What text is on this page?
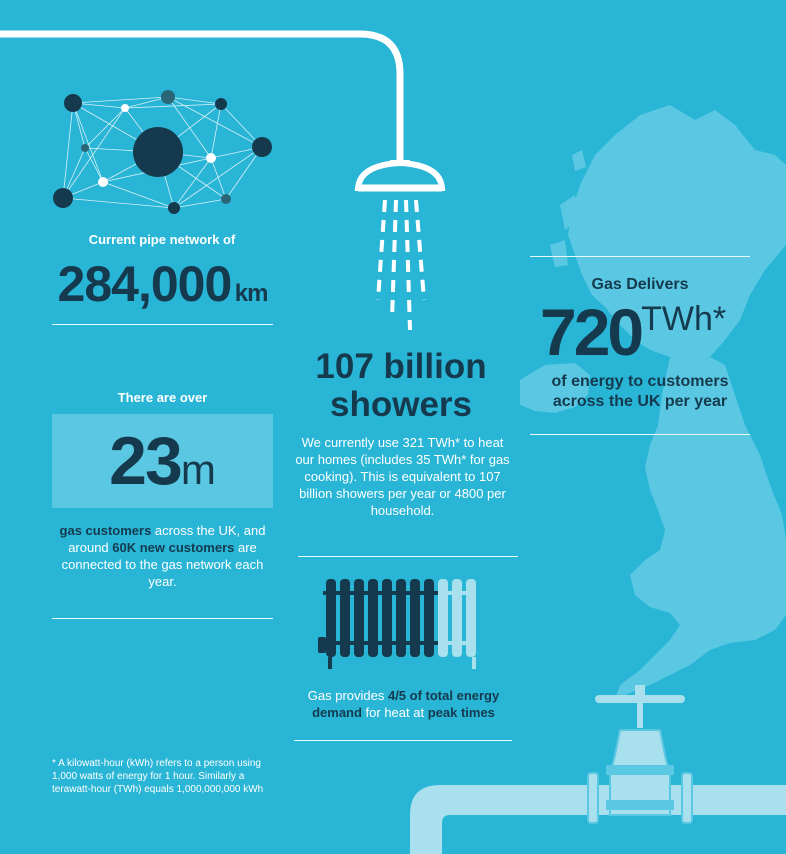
Current pipe network of
284,000 km
There are over
23m
gas customers across the UK, and around 60K new customers are connected to the gas network each year.
* A kilowatt-hour (kWh) refers to a person using 1,000 watts of energy for 1 hour. Similarly a terawatt-hour (TWh) equals 1,000,000,000 kWh
107 billion
showers
We currently use 321 TWh* to heat our homes (includes 35 TWh* for gas cooking). This is equivalent to 107 billion showers per year or 4800 per household.
Gas provides 4/5 of total energy demand for heat at peak times
Gas Delivers
720TWh*
of energy to customers across the UK per year
